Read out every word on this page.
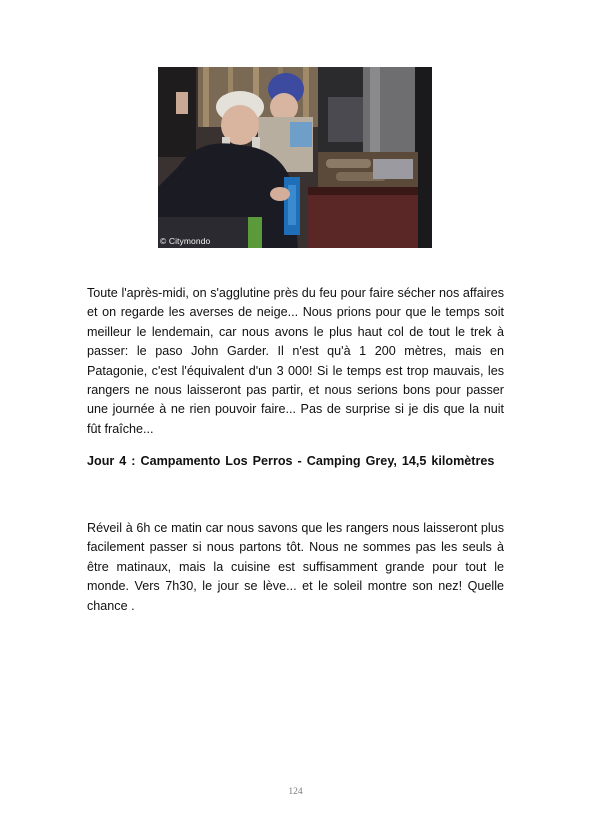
© Citymondo

Toute l'après-midi, on s'agglutine près du feu pour faire sécher nos affaires et on regarde les averses de neige... Nous prions pour que le temps soit meilleur le lendemain, car nous avons le plus haut col de tout le trek à passer: le paso John Garder. Il n'est qu'à 1 200 mètres, mais en Patagonie, c'est l'équivalent d'un 3 000! Si le temps est trop mauvais, les rangers ne nous laisseront pas partir, et nous serions bons pour passer une journée à ne rien pouvoir faire... Pas de surprise si je dis que la nuit fût fraîche...

Jour 4 : Campamento Los Perros - Camping Grey, 14,5 kilomètres

Réveil à 6h ce matin car nous savons que les rangers nous laisseront plus facilement passer si nous partons tôt. Nous ne sommes pas les seuls à être matinaux, mais la cuisine est suffisamment grande pour tout le monde. Vers 7h30, le jour se lève... et le soleil montre son nez! Quelle chance .

124
